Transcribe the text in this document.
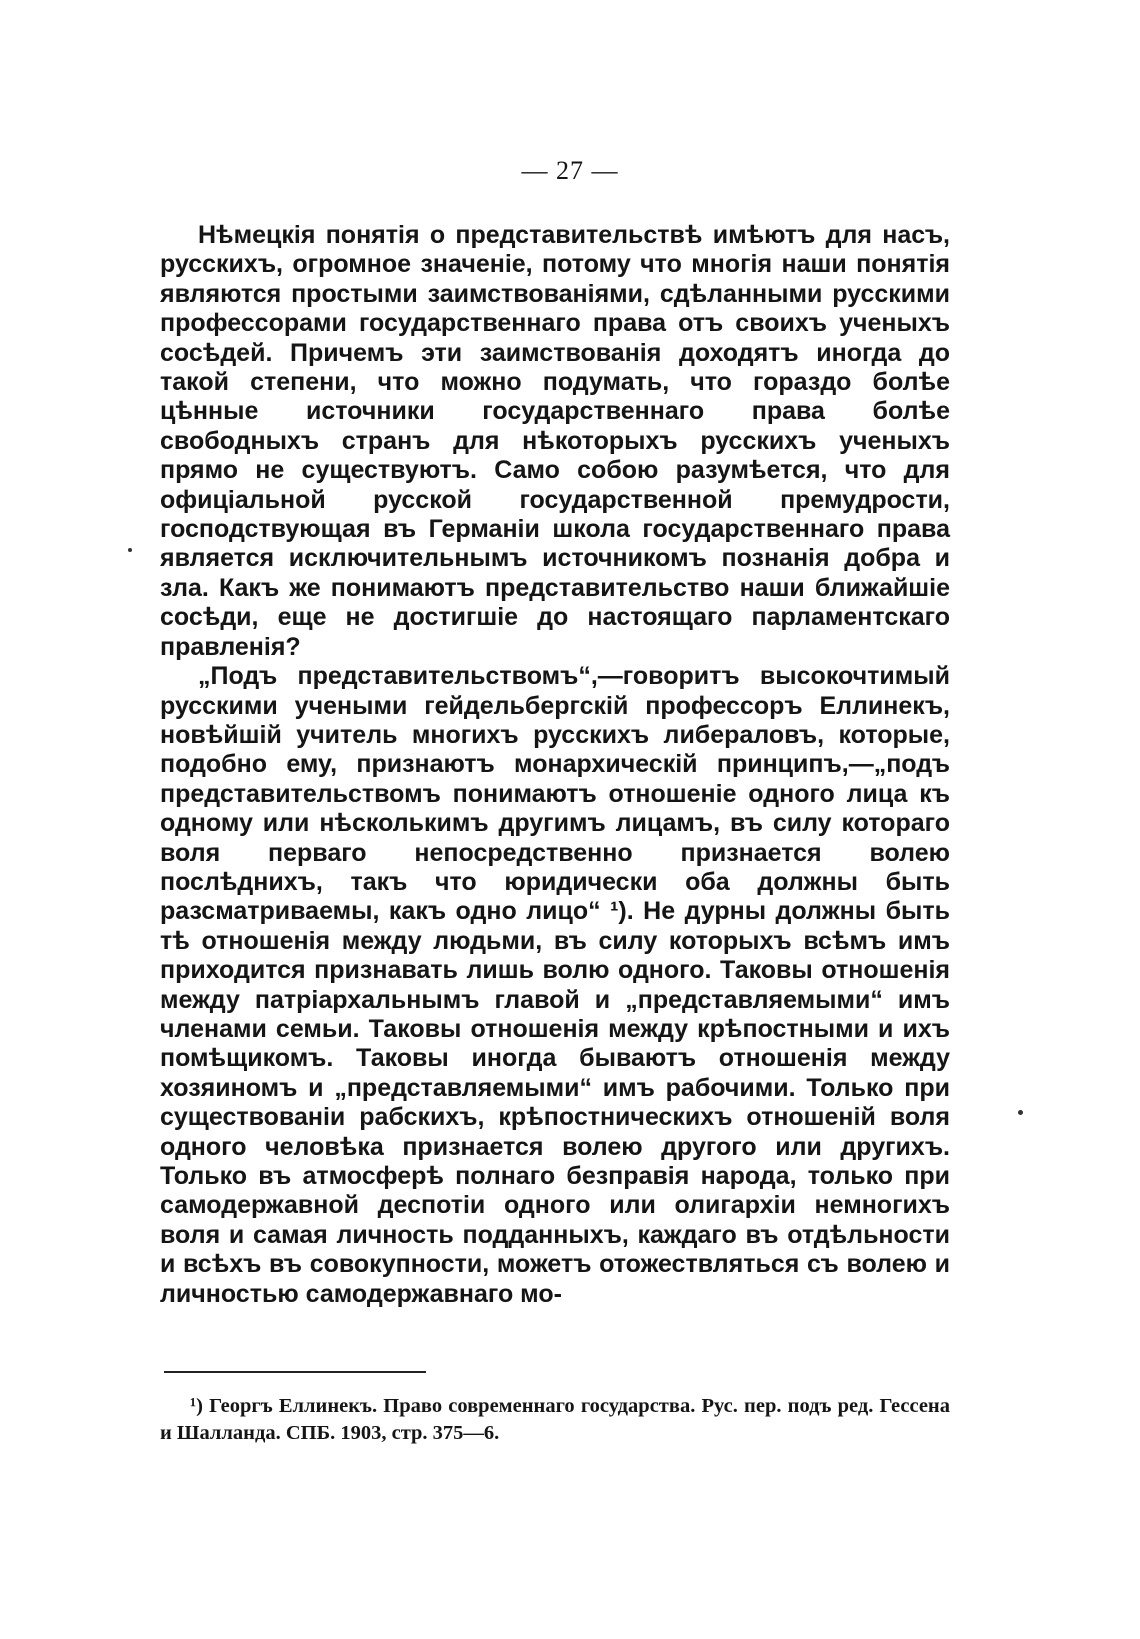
— 27 —

Нѣмецкія понятія о представительствѣ имѣютъ для насъ, русскихъ, огромное значеніе, потому что многія наши понятія являются простыми заимствованіями, сдѣланными русскими профессорами государственнаго права отъ своихъ ученыхъ сосѣдей. Причемъ эти заимствованія доходятъ иногда до такой степени, что можно подумать, что гораздо болѣе цѣнные источники государственнаго права болѣе свободныхъ странъ для нѣкоторыхъ русскихъ ученыхъ прямо не существуютъ. Само собою разумѣется, что для офиціальной русской государственной премудрости, господствующая въ Германіи школа государственнаго права является исключительнымъ источникомъ познанія добра и зла. Какъ же понимаютъ представительство наши ближайшіе сосѣди, еще не достигшіе до настоящаго парламентскаго правленія?

„Подъ представительствомъ“,—говоритъ высокочтимый русскими учеными гейдельбергскій профессоръ Еллинекъ, новѣйшій учитель многихъ русскихъ либераловъ, которые, подобно ему, признаютъ монархическій принципъ,—„подъ представительствомъ понимаютъ отношеніе одного лица къ одному или нѣсколькимъ другимъ лицамъ, въ силу котораго воля перваго непосредственно признается волею послѣднихъ, такъ что юридически оба должны быть разсматриваемы, какъ одно лицо“ ¹). Не дурны должны быть тѣ отношенія между людьми, въ силу которыхъ всѣмъ имъ приходится признавать лишь волю одного. Таковы отношенія между патріархальнымъ главой и „представляемыми“ имъ членами семьи. Таковы отношенія между крѣпостными и ихъ помѣщикомъ. Таковы иногда бываютъ отношенія между хозяиномъ и „представляемыми“ имъ рабочими. Только при существованіи рабскихъ, крѣпостническихъ отношеній воля одного человѣка признается волею другого или другихъ. Только въ атмосферѣ полнаго безправія народа, только при самодержавной деспотіи одного или олигархіи немногихъ воля и самая личность подданныхъ, каждаго въ отдѣльности и всѣхъ въ совокупности, можетъ отожествляться съ волею и личностью самодержавнаго мо-

¹) Георгъ Еллинекъ. Право современнаго государства. Рус. пер. подъ ред. Гессена и Шалланда. СПБ. 1903, стр. 375—6.
